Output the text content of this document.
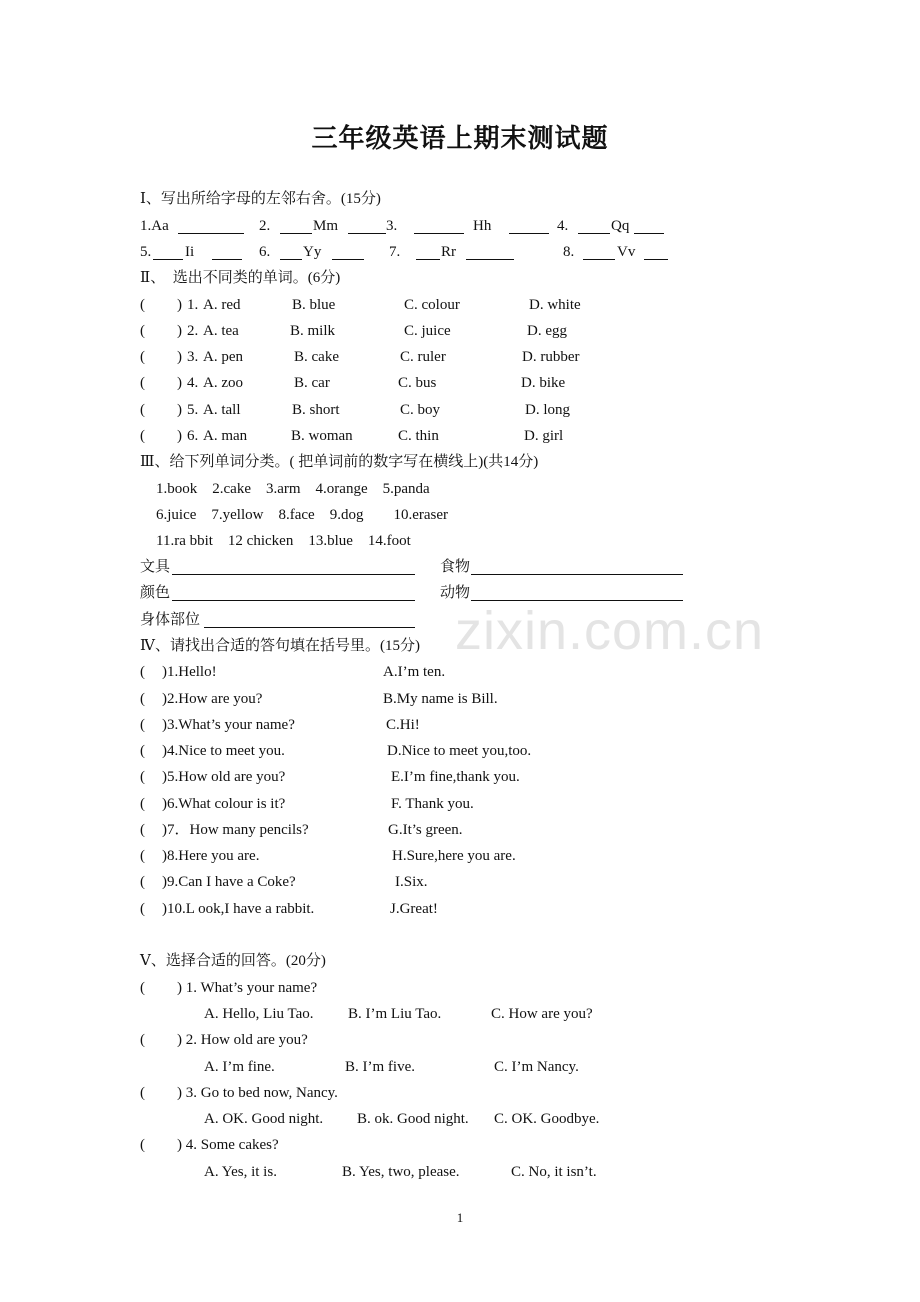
zixin.com.cn
三年级英语上期末测试题
Ⅰ、写出所给字母的左邻右舍。(15分)
1.Aa	2.	Mm	3.	Hh	4.	Qq
5. Ii	6. Yy	7.	Rr	8.	Vv
Ⅱ、  选出不同类的单词。(6分)
( ) 1. A. red	B. blue	C. colour	D. white
( ) 2. A. tea	B. milk	C. juice	D. egg
( ) 3. A. pen	B. cake	C. ruler	D. rubber
( ) 4. A. zoo	B. car	C. bus	D. bike
( ) 5. A. tall	B. short	C. boy	D. long
( ) 6. A. man	B. woman	C. thin	D. girl
Ⅲ、给下列单词分类。( 把单词前的数字写在横线上)(共14分)
1.book    2.cake    3.arm    4.orange    5.panda
6.juice    7.yellow    8.face    9.dog        10.eraser
11.ra bbit    12 chicken    13.blue    14.foot
文具	食物
颜色	动物
身体部位
Ⅳ、请找出合适的答句填在括号里。(15分)
( )1.Hello!	A.I’m ten.
( )2.How are you?	B.My name is Bill.
( )3.What’s your name?	C.Hi!
( )4.Nice to meet you.	D.Nice to meet you,too.
( )5.How old are you?	E.I’m fine,thank you.
( )6.What colour is it?	F. Thank you.
( )7．How many pencils?	G.It’s green.
( )8.Here you are.	H.Sure,here you are.
( )9.Can I have a Coke?	I.Six.
( )10.L ook,I have a rabbit.	J.Great!
Ⅴ、选择合适的回答。(20分)
( ) 1. What’s your name?
A. Hello, Liu Tao. B. I’m Liu Tao.	C. How are you?
( ) 2. How old are you?
A. I’m fine.	B. I’m five.	C. I’m Nancy.
( ) 3. Go to bed now, Nancy.
A. OK. Good night. B. ok. Good night. C. OK. Goodbye.
( ) 4. Some cakes?
A. Yes, it is.	B. Yes, two, please.	C. No, it isn’t.
1
